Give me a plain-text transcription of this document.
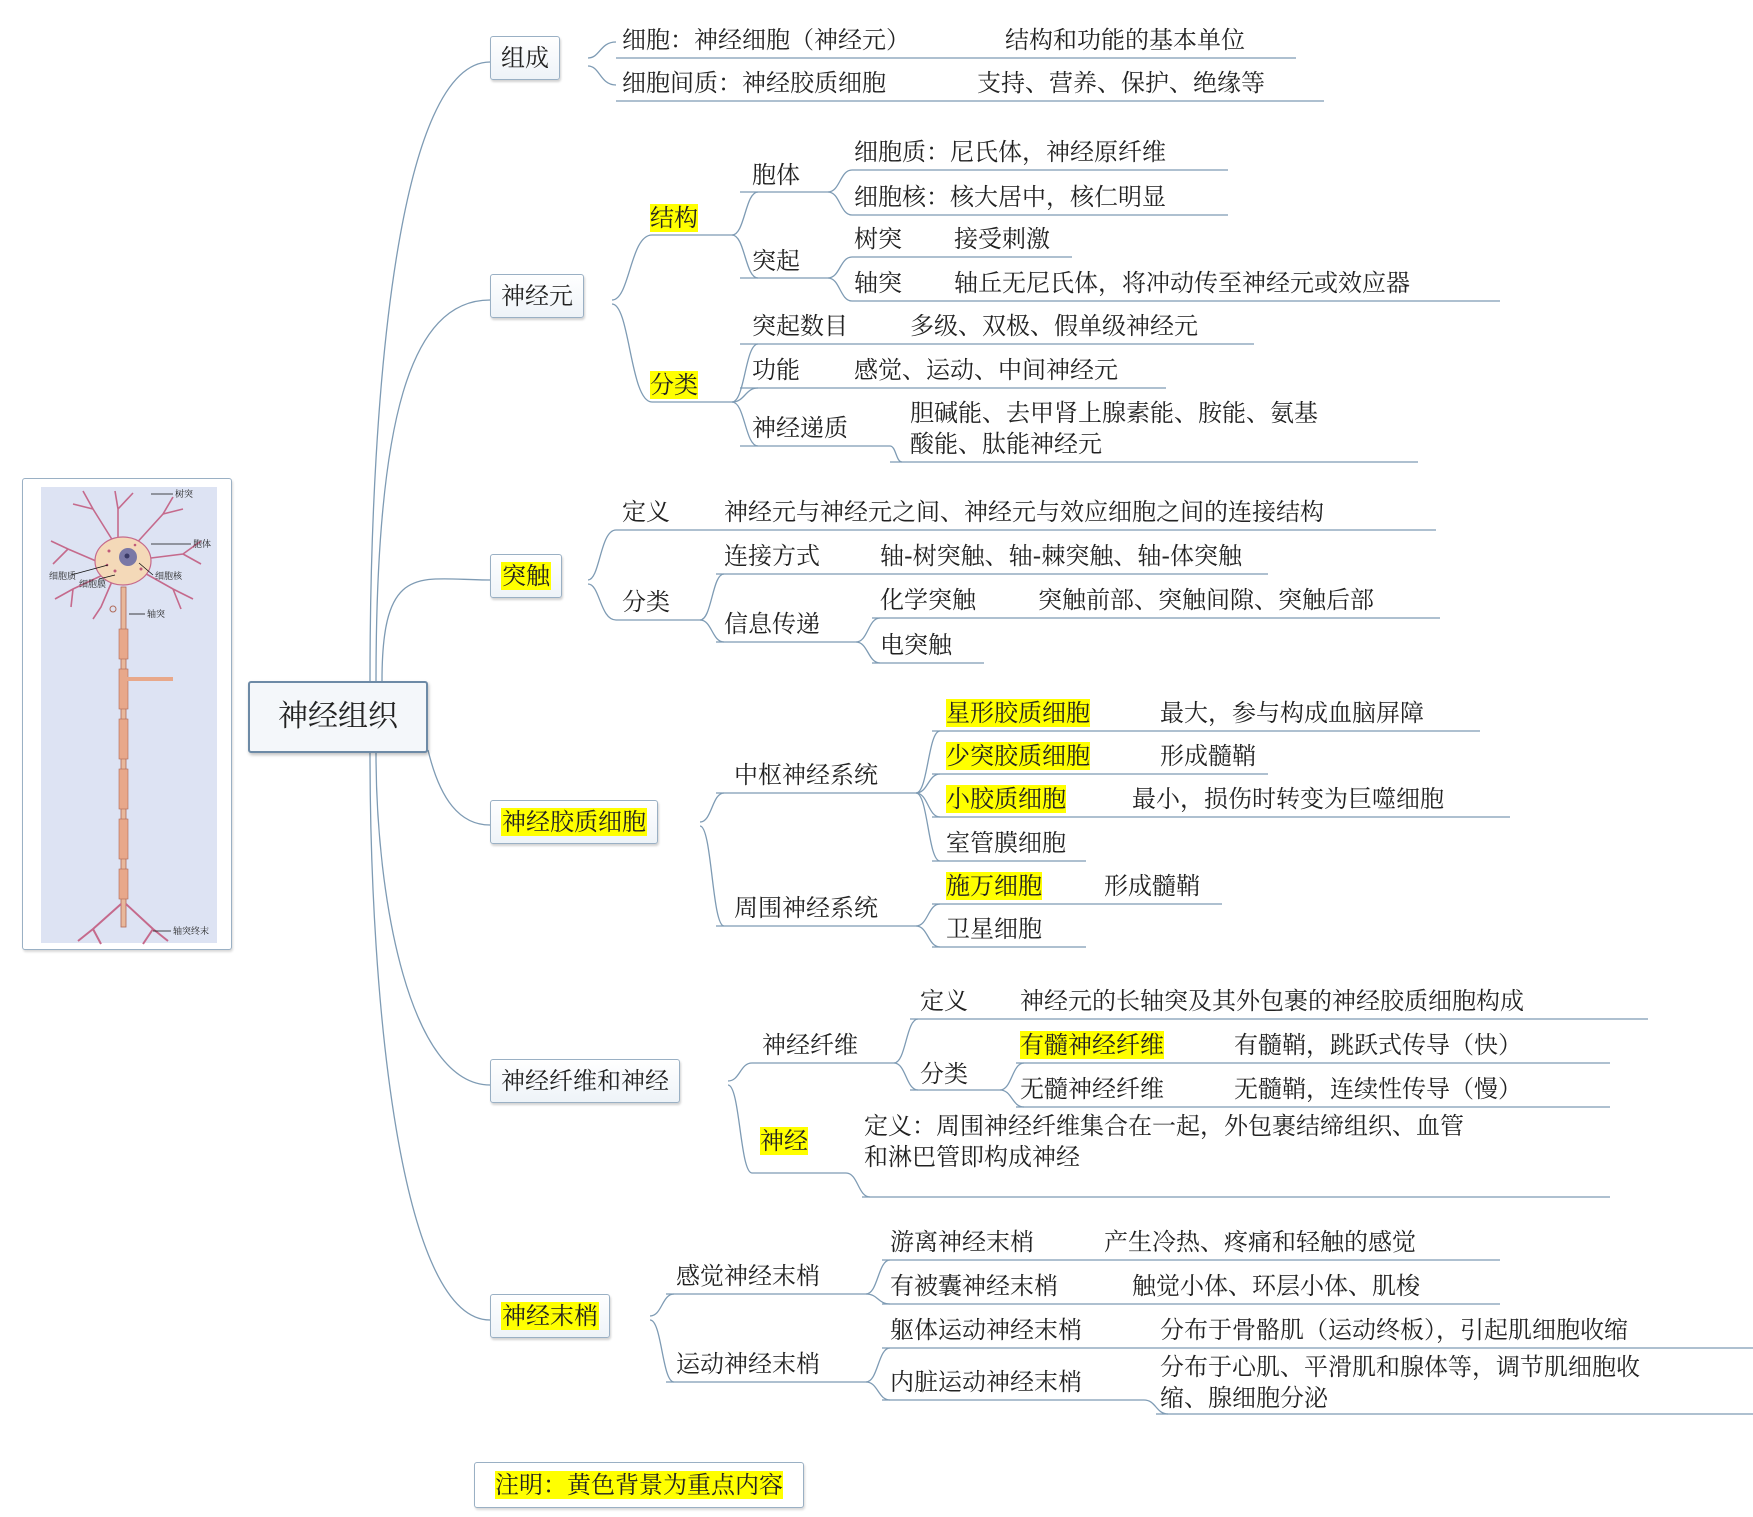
树突
胞体
细胞质
细胞膜
细胞核
轴突
轴突终末
神经组织
组成
细胞：神经细胞（神经元）	结构和功能的基本单位
细胞间质：神经胶质细胞	支持、营养、保护、绝缘等
神经元
结构
胞体
细胞质：尼氏体，神经原纤维
细胞核：核大居中，核仁明显
突起
树突 接受刺激
轴突 轴丘无尼氏体，将冲动传至神经元或效应器
分类
突起数目	多级、双极、假单级神经元
功能 感觉、运动、中间神经元
神经递质
胆碱能、去甲肾上腺素能、胺能、氨基
酸能、肽能神经元
突触
定义 神经元与神经元之间、神经元与效应细胞之间的连接结构
分类
连接方式	轴-树突触、轴-棘突触、轴-体突触
信息传递
化学突触	突触前部、突触间隙、突触后部
电突触
神经胶质细胞
中枢神经系统
星形胶质细胞	最大，参与构成血脑屏障
少突胶质细胞	形成髓鞘
小胶质细胞	最小，损伤时转变为巨噬细胞
室管膜细胞
周围神经系统
施万细胞	形成髓鞘
卫星细胞
神经纤维和神经
神经纤维
定义 神经元的长轴突及其外包裹的神经胶质细胞构成
分类
有髓神经纤维	有髓鞘，跳跃式传导（快）
无髓神经纤维	无髓鞘，连续性传导（慢）
神经
定义：周围神经纤维集合在一起，外包裹结缔组织、血管
和淋巴管即构成神经
神经末梢
感觉神经末梢
游离神经末梢	产生冷热、疼痛和轻触的感觉
有被囊神经末梢	触觉小体、环层小体、肌梭
运动神经末梢
躯体运动神经末梢	分布于骨骼肌（运动终板），引起肌细胞收缩
内脏运动神经末梢
分布于心肌、平滑肌和腺体等，调节肌细胞收
缩、腺细胞分泌
注明：黄色背景为重点内容
